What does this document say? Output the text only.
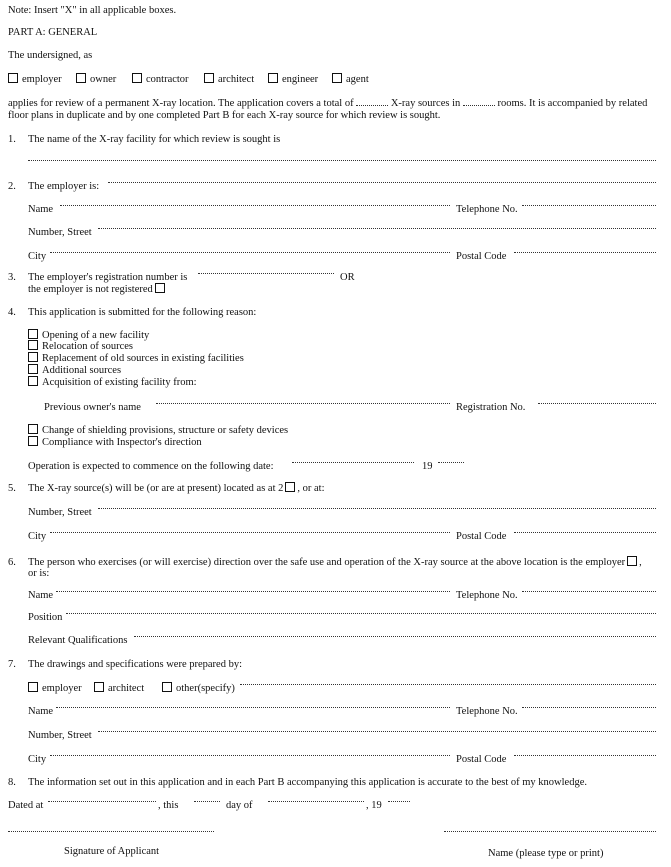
Note: Insert "X" in all applicable boxes.
PART A: GENERAL
The undersigned, as
employer	owner	contractor	architect	engineer	agent
applies for review of a permanent X-ray location. The application covers a total of	X-ray sources in	rooms. It is accompanied by related
floor plans in duplicate and by one completed Part B for each X-ray source for which review is sought.
1. The name of the X-ray facility for which review is sought is
2. The employer is:
Name	Telephone No.
Number, Street
City	Postal Code
3. The employer's registration number is	OR
the employer is not registered
4. This application is submitted for the following reason:
Opening of a new facility
Relocation of sources
Replacement of old sources in existing facilities
Additional sources
Acquisition of existing facility from:
Previous owner's name	Registration No.
Change of shielding provisions, structure or safety devices
Compliance with Inspector's direction
Operation is expected to commence on the following date:	19
5. The X-ray source(s) will be (or are at present) located as at 2 , or at:
Number, Street
City	Postal Code
6. The person who exercises (or will exercise) direction over the safe use and operation of the X-ray source at the above location is the employer ,
or is:
Name	Telephone No.
Position
Relevant Qualifications
7. The drawings and specifications were prepared by:
employer	architect	other(specify)
Name	Telephone No.
Number, Street
City	Postal Code
8. The information set out in this application and in each Part B accompanying this application is accurate to the best of my knowledge.
Dated at	, this	day of	, 19
Signature of Applicant	Name (please type or print)
